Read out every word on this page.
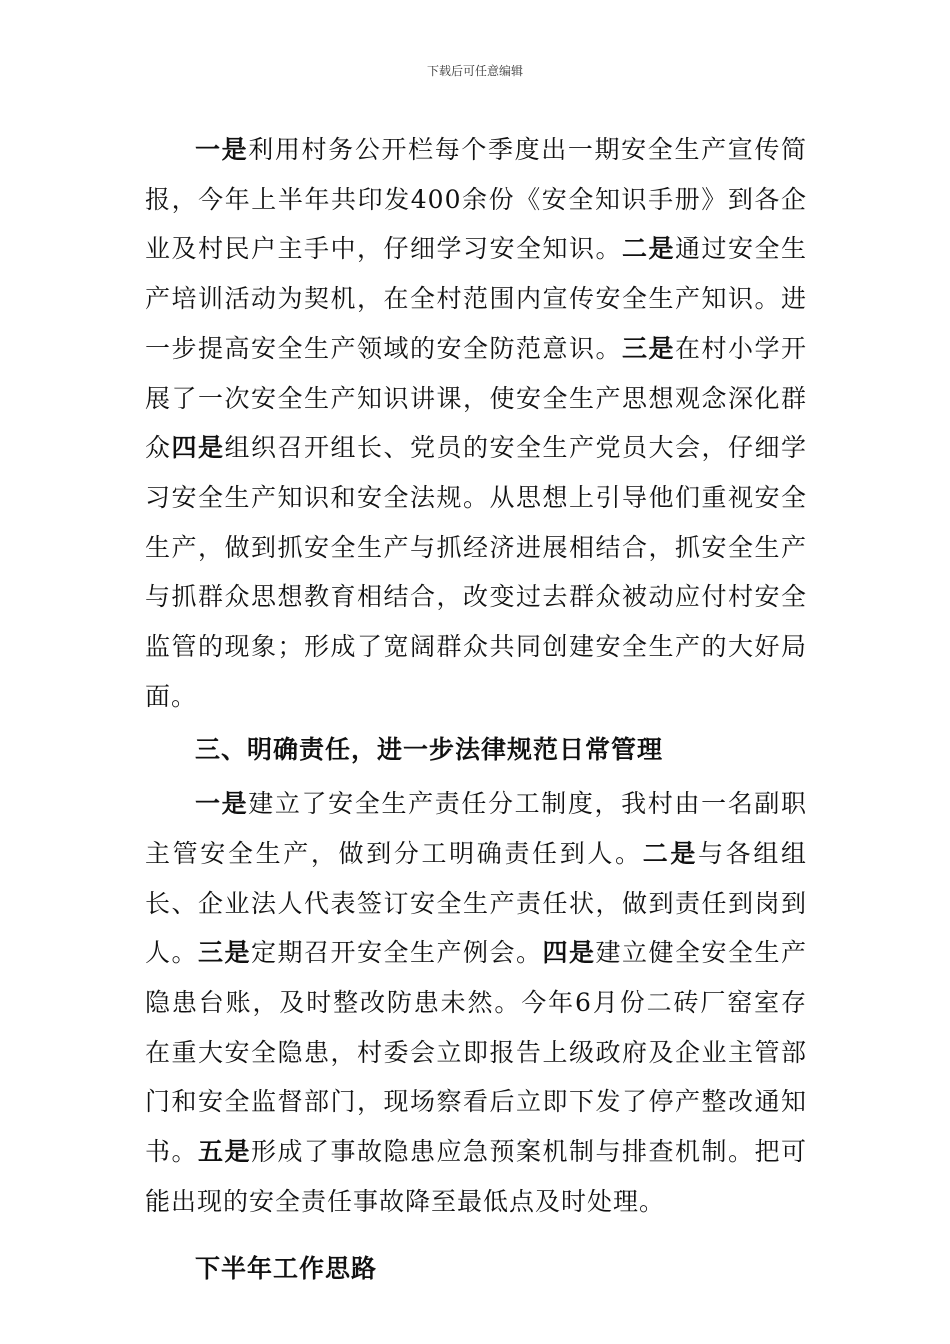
下载后可任意编辑

一是利用村务公开栏每个季度出一期安全生产宣传简报，今年上半年共印发400余份《安全知识手册》到各企业及村民户主手中，仔细学习安全知识。二是通过安全生产培训活动为契机，在全村范围内宣传安全生产知识。进一步提高安全生产领域的安全防范意识。三是在村小学开展了一次安全生产知识讲课，使安全生产思想观念深化群众四是组织召开组长、党员的安全生产党员大会，仔细学习安全生产知识和安全法规。从思想上引导他们重视安全生产，做到抓安全生产与抓经济进展相结合，抓安全生产与抓群众思想教育相结合，改变过去群众被动应付村安全监管的现象；形成了宽阔群众共同创建安全生产的大好局面。

三、明确责任，进一步法律规范日常管理

一是建立了安全生产责任分工制度，我村由一名副职主管安全生产，做到分工明确责任到人。二是与各组组长、企业法人代表签订安全生产责任状，做到责任到岗到人。三是定期召开安全生产例会。四是建立健全安全生产隐患台账，及时整改防患未然。今年6月份二砖厂窑室存在重大安全隐患，村委会立即报告上级政府及企业主管部门和安全监督部门，现场察看后立即下发了停产整改通知书。五是形成了事故隐患应急预案机制与排查机制。把可能出现的安全责任事故降至最低点及时处理。

下半年工作思路
